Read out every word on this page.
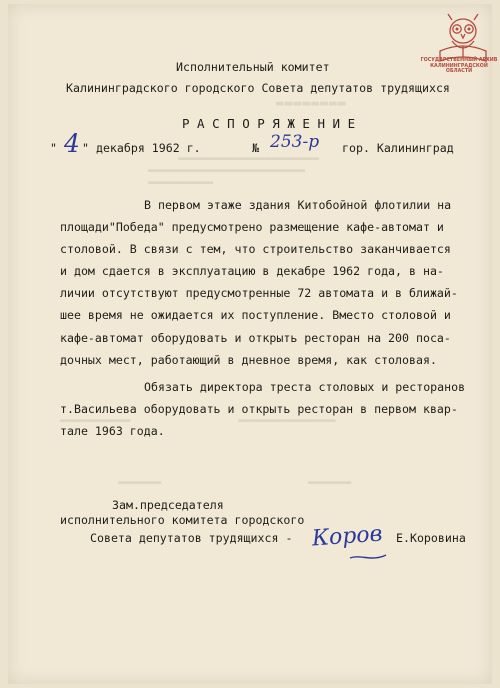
▬▬▬▬▬▬▬▬
▬▬▬▬▬▬▬▬▬▬▬▬▬▬▬▬▬▬▬▬▬▬▬▬▬▬
▬▬▬▬▬▬▬▬▬▬▬▬▬▬▬▬▬▬▬▬▬▬▬▬▬▬▬▬▬
▬▬▬▬▬▬▬▬▬▬▬▬
▬▬▬▬▬▬▬▬▬▬▬▬▬	▬▬▬▬▬▬▬▬▬▬▬▬▬▬▬▬▬▬
▬▬▬▬▬▬▬▬	▬▬▬▬▬▬▬▬
Исполнительный комитет
Калининградского городского Совета депутатов трудящихся
Р А С П О Р Я Ж Е Н И Е
" 4 " декабря 1962 г.	№ 253-р гор. Калининград
В первом этаже здания Китобойной флотилии на
площади"Победа" предусмотрено размещение кафе-автомат и
столовой. В связи с тем, что строительство заканчивается
и дом сдается в эксплуатацию в декабре 1962 года, в на-
личии отсутствуют предусмотренные 72 автомата и в ближай-
шее время не ожидается их поступление. Вместо столовой и
кафе-автомат оборудовать и открыть ресторан на 200 поса-
дочных мест, работающий в дневное время, как столовая.
Обязать директора треста столовых и ресторанов
т.Васильева оборудовать и открыть ресторан в первом квар-
тале 1963 года.
Зам.председателя
исполнительного комитета городского
Совета депутатов трудящихся - Коров Е.Коровина
ГОСУДАРСТВЕННЫЙ АРХИВ КАЛИНИНГРАДСКОЙ ОБЛАСТИ
